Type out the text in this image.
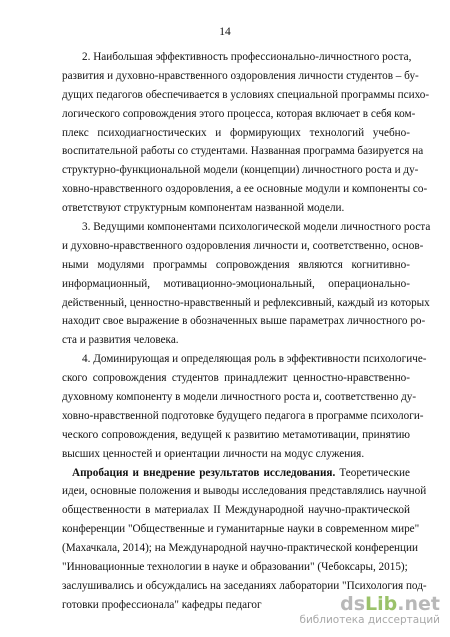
14
2. Наибольшая эффективность профессионально-личностного роста,
развития и духовно-нравственного оздоровления личности студентов – бу-
дущих педагогов обеспечивается в условиях специальной программы психо-
логического сопровождения этого процесса, которая включает в себя ком-
плекс психодиагностических и формирующих технологий учебно-
воспитательной работы со студентами. Названная программа базируется на
структурно-функциональной модели (концепции) личностного роста и ду-
ховно-нравственного оздоровления, а ее основные модули и компоненты со-
ответствуют структурным компонентам названной модели.
3. Ведущими компонентами психологической модели личностного роста
и духовно-нравственного оздоровления личности и, соответственно, основ-
ными модулями программы сопровождения являются когнитивно-
информационный, мотивационно-эмоциональный, операционально-
действенный, ценностно-нравственный и рефлексивный, каждый из которых
находит свое выражение в обозначенных выше параметрах личностного ро-
ста и развития человека.
4. Доминирующая и определяющая роль в эффективности психологиче-
ского сопровождения студентов принадлежит ценностно-нравственно-
духовному компоненту в модели личностного роста и, соответственно ду-
ховно-нравственной подготовке будущего педагога в программе психологи-
ческого сопровождения, ведущей к развитию метамотивации, принятию
высших ценностей и ориентации личности на модус служения.
Апробация и внедрение результатов исследования. Теоретические
идеи, основные положения и выводы исследования представлялись научной
общественности в материалах II Международной научно-практической
конференции "Общественные и гуманитарные науки в современном мире"
(Махачкала, 2014); на Международной научно-практической конференции
"Инновационные технологии в науке и образовании" (Чебоксары, 2015);
заслушивались и обсуждались на заседаниях лаборатории "Психология под-
готовки профессионала" кафедры педагог	dsLib.net
библиотека диссертаций
